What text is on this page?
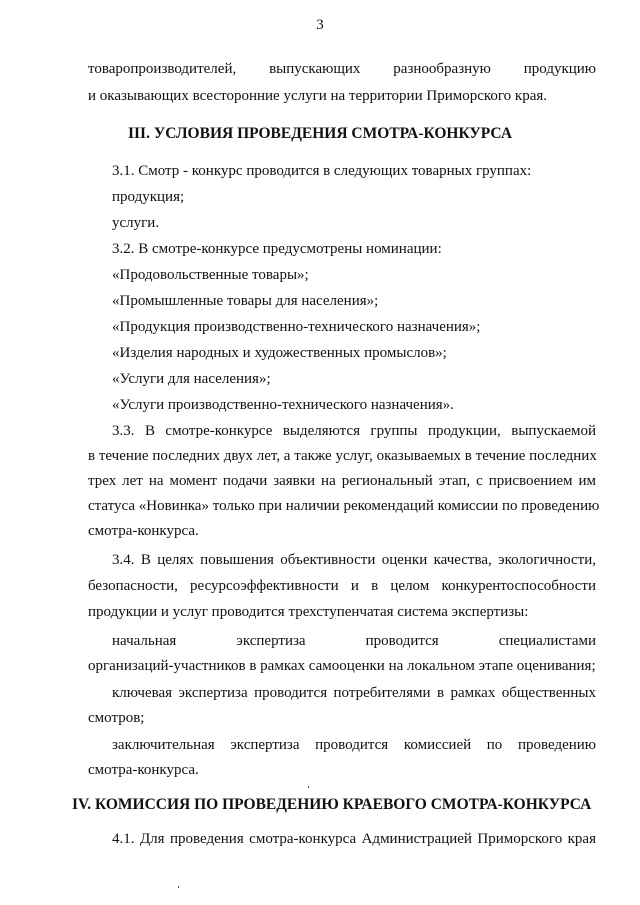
3
товаропроизводителей, выпускающих разнообразную продукцию
и оказывающих всесторонние услуги на территории Приморского края.
III. УСЛОВИЯ ПРОВЕДЕНИЯ СМОТРА-КОНКУРСА
3.1. Смотр - конкурс проводится в следующих товарных группах:
продукция;
услуги.
3.2. В смотре-конкурсе предусмотрены номинации:
«Продовольственные товары»;
«Промышленные товары для населения»;
«Продукция производственно-технического назначения»;
«Изделия народных и художественных промыслов»;
«Услуги для населения»;
«Услуги производственно-технического назначения».
3.3. В смотре-конкурсе выделяются группы продукции, выпускаемой
в течение последних двух лет, а также услуг, оказываемых в течение последних
трех лет на момент подачи заявки на региональный этап, с присвоением им
статуса «Новинка» только при наличии рекомендаций комиссии по проведению
смотра-конкурса.
3.4. В целях повышения объективности оценки качества, экологичности,
безопасности, ресурсоэффективности и в целом конкурентоспособности
продукции и услуг проводится трехступенчатая система экспертизы:
начальная экспертиза проводится специалистами
организаций-участников в рамках самооценки на локальном этапе оценивания;
ключевая экспертиза проводится потребителями в рамках общественных
смотров;
заключительная экспертиза проводится комиссией по проведению
смотра-конкурса.
IV. КОМИССИЯ ПО ПРОВЕДЕНИЮ КРАЕВОГО СМОТРА-КОНКУРСА
4.1. Для проведения смотра-конкурса Администрацией Приморского края
